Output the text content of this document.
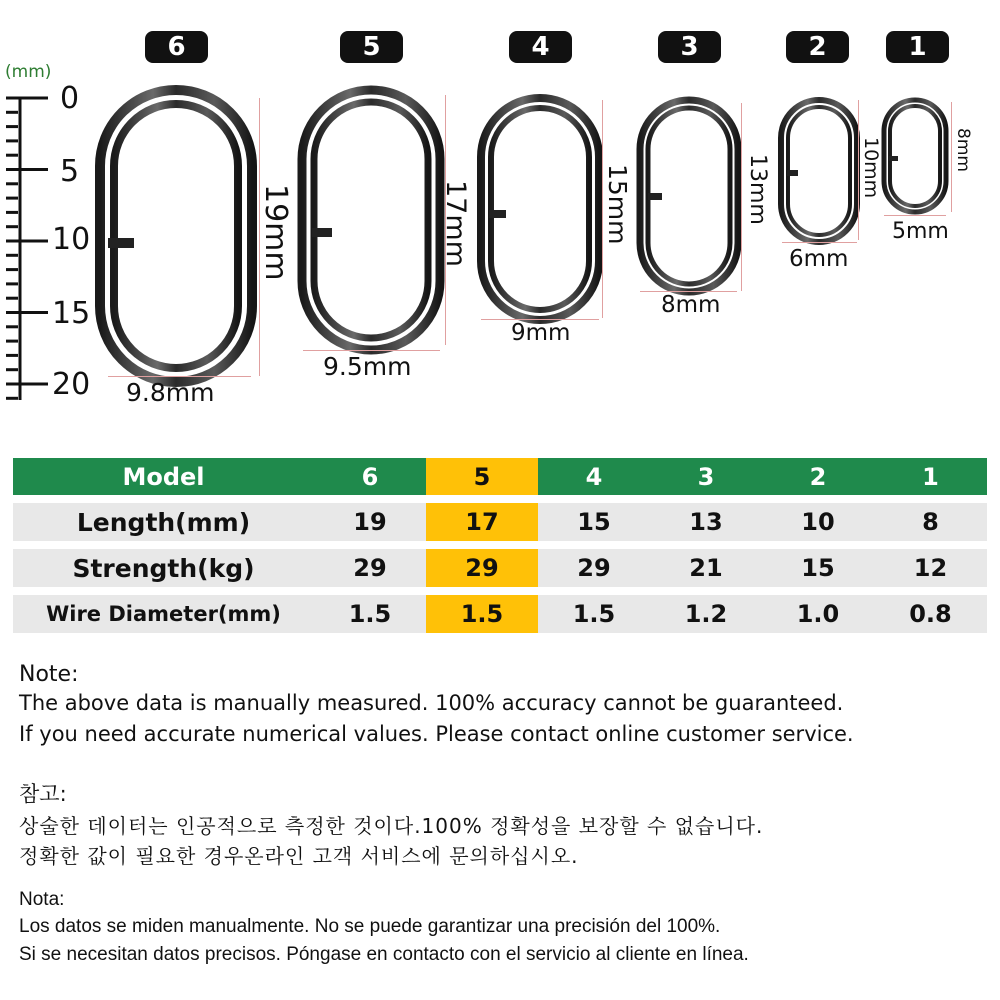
6	5	4	3	2	1
(mm)
0
5
10
15
20
19mm	17mm	15mm	13mm	10mm	8mm
9.8mm
9.5mm
9mm
8mm
6mm
5mm
Model	6	5	4	3	2	1
Length(mm)	19	17	15	13	10	8
Strength(kg)	29	29	29	21	15	12
Wire Diameter(mm)	1.5	1.5	1.5	1.2	1.0	0.8
Note:
The above data is manually measured. 100% accuracy cannot be guaranteed.
If you need accurate numerical values. Please contact online customer service.
참고:
상술한 데이터는 인공적으로 측정한 것이다.100% 정확성을 보장할 수 없습니다.
정확한 값이 필요한 경우온라인 고객 서비스에 문의하십시오.
Nota:
Los datos se miden manualmente. No se puede garantizar una precisión del 100%.
Si se necesitan datos precisos. Póngase en contacto con el servicio al cliente en línea.
